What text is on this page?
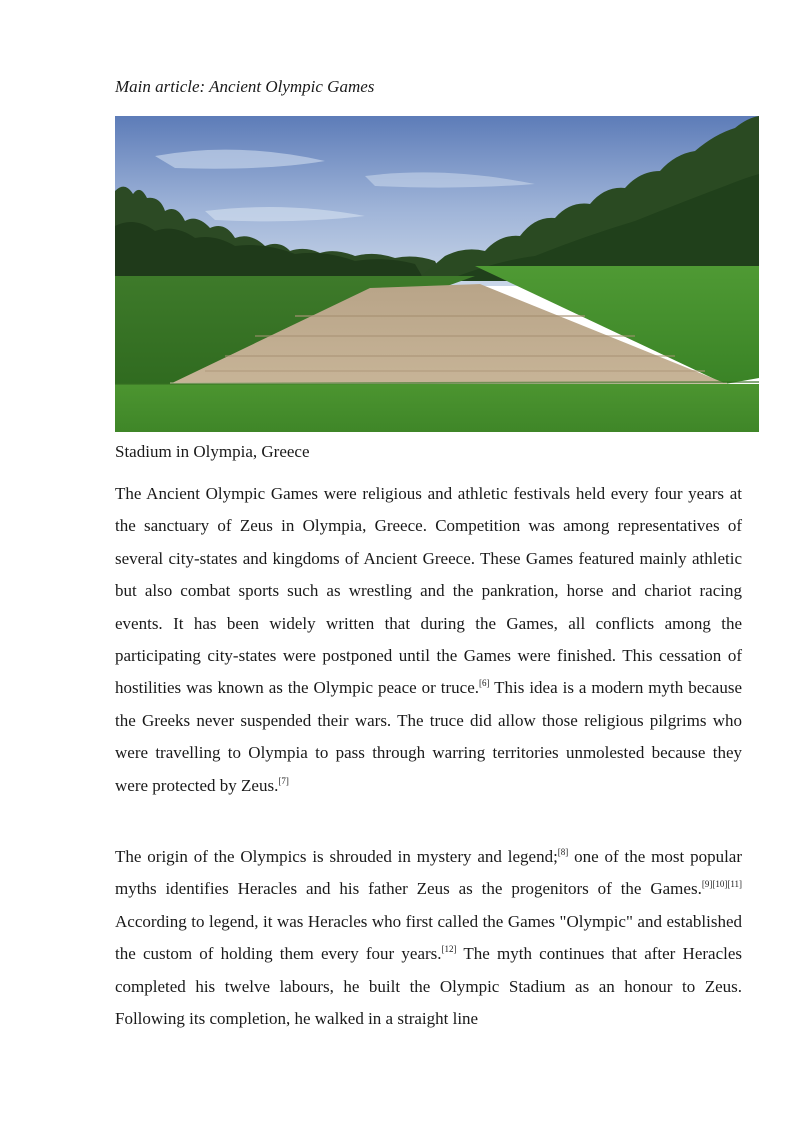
Main article: Ancient Olympic Games
Stadium in Olympia, Greece

The Ancient Olympic Games were religious and athletic festivals held every four years at the sanctuary of Zeus in Olympia, Greece. Competition was among representatives of several city-states and kingdoms of Ancient Greece. These Games featured mainly athletic but also combat sports such as wrestling and the pankration, horse and chariot racing events. It has been widely written that during the Games, all conflicts among the participating city-states were postponed until the Games were finished. This cessation of hostilities was known as the Olympic peace or truce.[6] This idea is a modern myth because the Greeks never suspended their wars. The truce did allow those religious pilgrims who were travelling to Olympia to pass through warring territories unmolested because they were protected by Zeus.[7]

The origin of the Olympics is shrouded in mystery and legend;[8] one of the most popular myths identifies Heracles and his father Zeus as the progenitors of the Games.[9][10][11] According to legend, it was Heracles who first called the Games "Olympic" and established the custom of holding them every four years.[12] The myth continues that after Heracles completed his twelve labours, he built the Olympic Stadium as an honour to Zeus. Following its completion, he walked in a straight line
